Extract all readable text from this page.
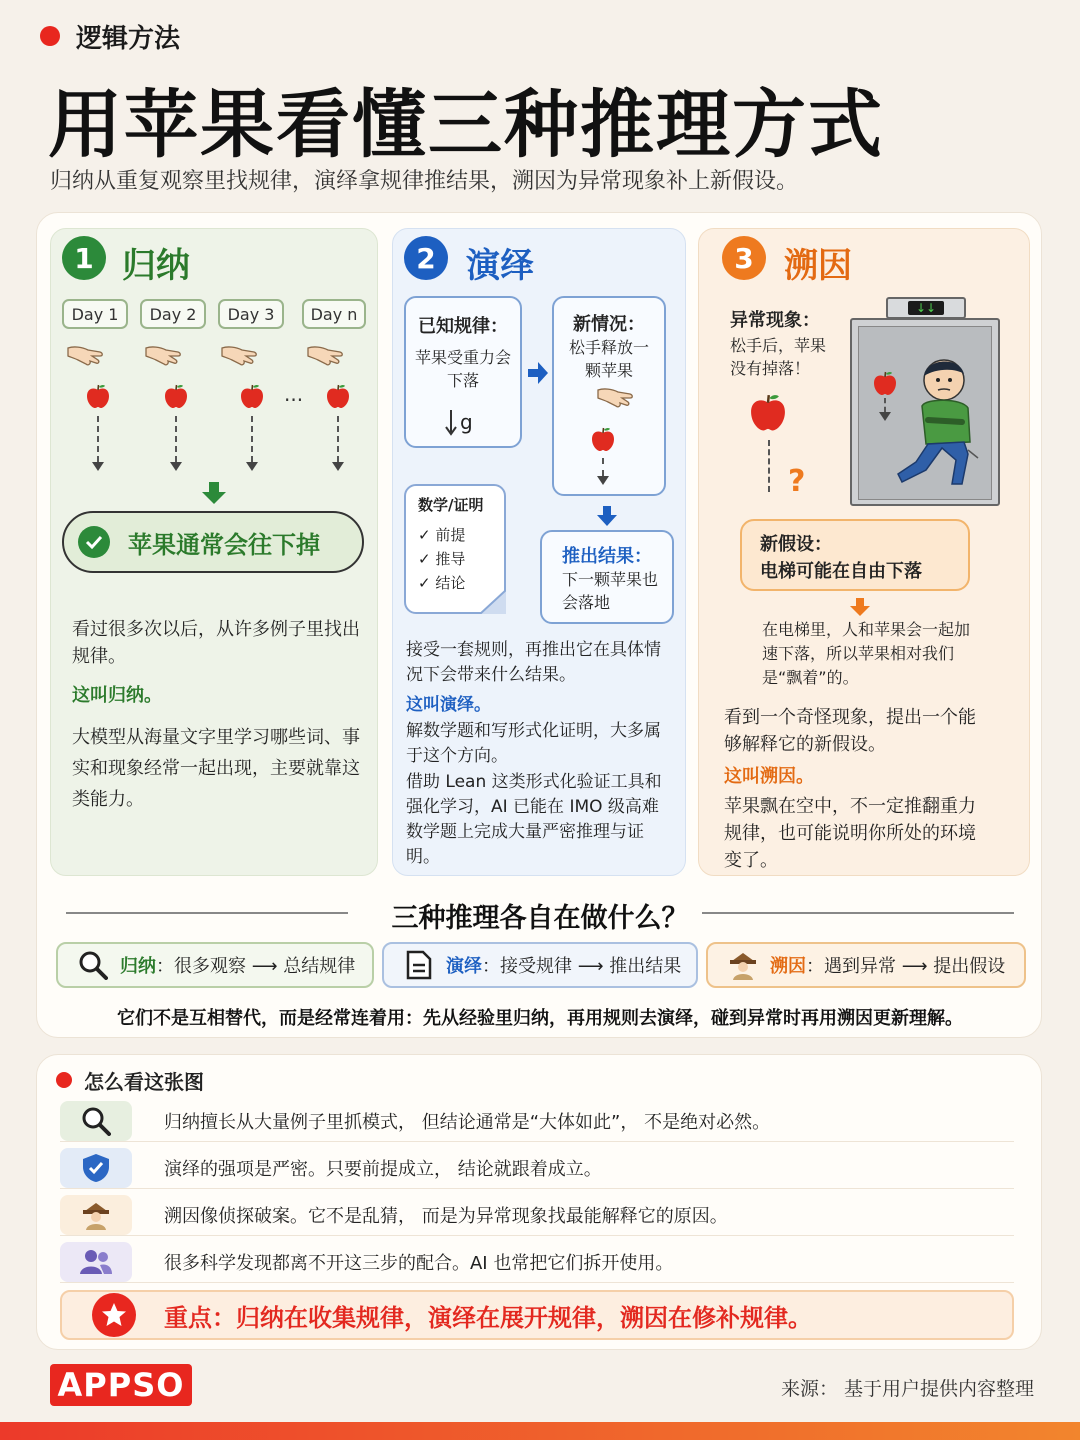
逻辑方法
用苹果看懂三种推理方式
归纳从重复观察里找规律，演绎拿规律推结果，溯因为异常现象补上新假设。
1 归纳
Day 1	Day 2	Day 3	Day n
···
苹果通常会往下掉
看过很多次以后，从许多例子里找出规律。
这叫归纳。
大模型从海量文字里学习哪些词、事实和现象经常一起出现，主要就靠这类能力。
2 演绎
已知规律：
苹果受重力会下落
g
新情况：
松手释放一颗苹果
数学/证明
✓ 前提
✓ 推导
✓ 结论
推出结果：
下一颗苹果也会落地
接受一套规则，再推出它在具体情况下会带来什么结果。
这叫演绎。
解数学题和写形式化证明，大多属于这个方向。
借助 Lean 这类形式化验证工具和强化学习，AI 已能在 IMO 级高难数学题上完成大量严密推理与证明。
3 溯因
异常现象：
松手后，苹果没有掉落！
?
↓↓
新假设：
电梯可能在自由下落
在电梯里，人和苹果会一起加速下落，所以苹果相对我们是“飘着”的。
看到一个奇怪现象，提出一个能够解释它的新假设。
这叫溯因。
苹果飘在空中，不一定推翻重力规律，也可能说明你所处的环境变了。
三种推理各自在做什么？
归纳 ：很多观察 ⟶ 总结规律	演绎 ：接受规律 ⟶ 推出结果	溯因 ：遇到异常 ⟶ 提出假设
它们不是互相替代，而是经常连着用：先从经验里归纳，再用规则去演绎，碰到异常时再用溯因更新理解。
怎么看这张图
归纳擅长从大量例子里抓模式， 但结论通常是“大体如此”， 不是绝对必然。
演绎的强项是严密。只要前提成立， 结论就跟着成立。
溯因像侦探破案。它不是乱猜， 而是为异常现象找最能解释它的原因。
很多科学发现都离不开这三步的配合。AI 也常把它们拆开使用。
重点：归纳在收集规律，演绎在展开规律，溯因在修补规律。
APPSO	来源： 基于用户提供内容整理
